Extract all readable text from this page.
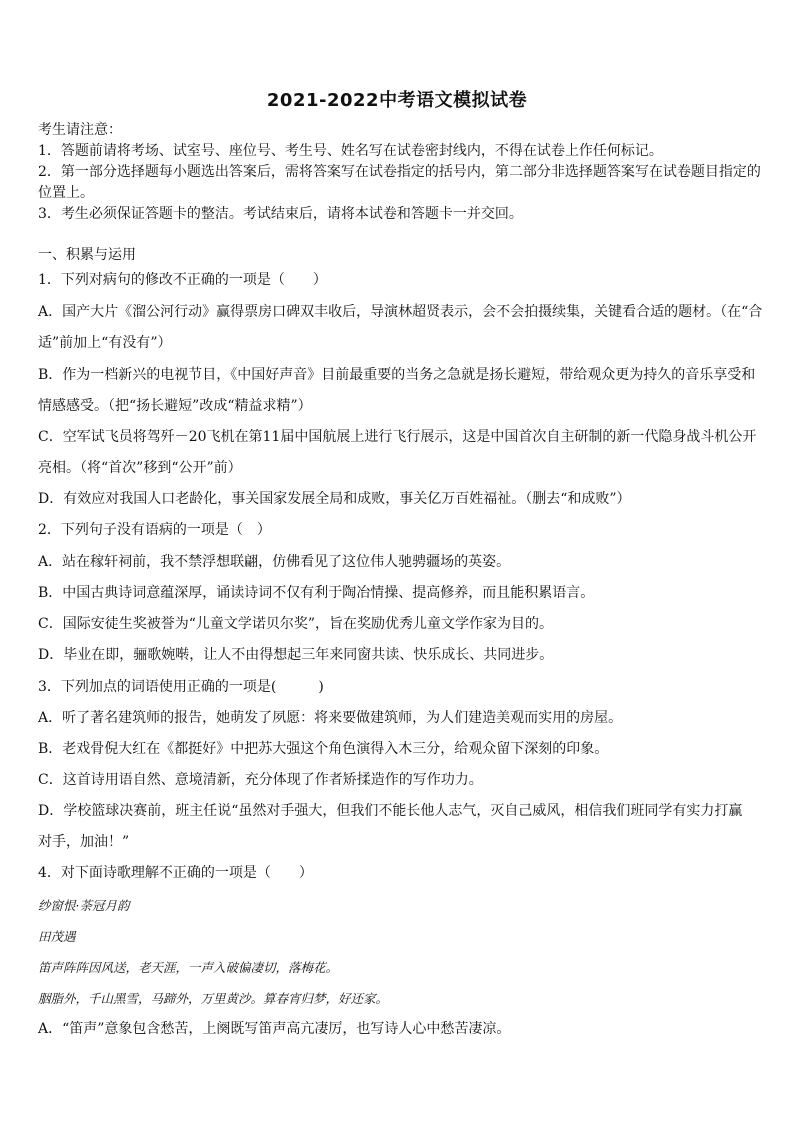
2021-2022中考语文模拟试卷
考生请注意：
1．答题前请将考场、试室号、座位号、考生号、姓名写在试卷密封线内，不得在试卷上作任何标记。
2．第一部分选择题每小题选出答案后，需将答案写在试卷指定的括号内，第二部分非选择题答案写在试卷题目指定的
位置上。
3．考生必须保证答题卡的整洁。考试结束后，请将本试卷和答题卡一并交回。
一、积累与运用
1．下列对病句的修改不正确的一项是（　　）
A．国产大片《溜公河行动》赢得票房口碑双丰收后，导演林超贤表示，会不会拍摄续集，关键看合适的题材。（在“合
适”前加上“有没有”）
B．作为一档新兴的电视节目，《中国好声音》目前最重要的当务之急就是扬长避短，带给观众更为持久的音乐享受和
情感感受。（把“扬长避短”改成“精益求精”）
C．空军试飞员将驾歼－20飞机在第11届中国航展上进行飞行展示，这是中国首次自主研制的新一代隐身战斗机公开
亮相。（将“首次”移到“公开”前）
D．有效应对我国人口老龄化，事关国家发展全局和成败，事关亿万百姓福祉。（删去“和成败”）
2．下列句子没有语病的一项是（　）
A．站在稼轩祠前，我不禁浮想联翩，仿佛看见了这位伟人驰骋疆场的英姿。
B．中国古典诗词意蕴深厚，诵读诗词不仅有利于陶冶情操、提高修养，而且能积累语言。
C．国际安徒生奖被誉为“儿童文学诺贝尔奖”，旨在奖励优秀儿童文学作家为目的。
D．毕业在即，骊歌婉啭，让人不由得想起三年来同窗共读、快乐成长、共同进步。
3．下列加点的词语使用正确的一项是(　　　)
A．听了著名建筑师的报告，她萌发了夙愿：将来要做建筑师，为人们建造美观而实用的房屋。
B．老戏骨倪大红在《都挺好》中把苏大强这个角色演得入木三分，给观众留下深刻的印象。
C．这首诗用语自然、意境清新，充分体现了作者矫揉造作的写作功力。
D．学校篮球决赛前，班主任说“虽然对手强大，但我们不能长他人志气，灭自己威风，相信我们班同学有实力打赢
对手，加油！”
4．对下面诗歌理解不正确的一项是（　　）
纱窗恨·荼冠月韵
田茂遇
笛声阵阵因风送，老天涯，一声入破偏凄切，落梅花。
胭脂外，千山黑雪，马蹄外，万里黄沙。算春宵归梦，好还家。
A．“笛声”意象包含愁苦，上阕既写笛声高亢凄厉，也写诗人心中愁苦凄凉。
